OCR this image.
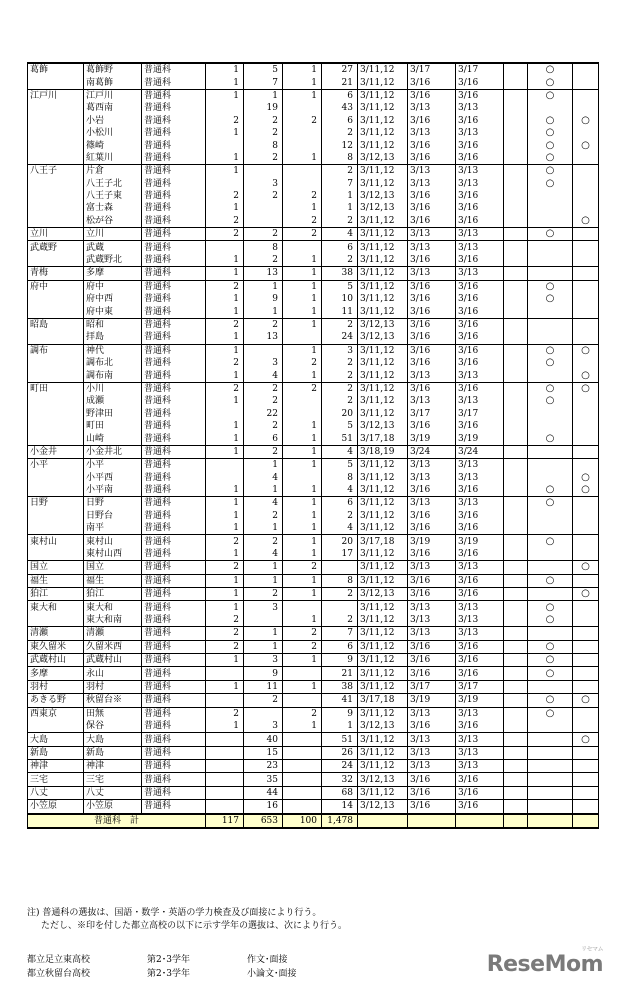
葛飾	葛飾野	普通科	1	5	1	27	3/11,12	3/17	3/17		○	
	南葛飾	普通科	1	7	1	21	3/11,12	3/16	3/16		○	
江戸川	江戸川	普通科	1	1	1	6	3/11,12	3/16	3/16		○	
	葛西南	普通科		19		43	3/11,12	3/13	3/13			
	小岩	普通科	2	2	2	6	3/11,12	3/16	3/16		○	○
	小松川	普通科	1	2		2	3/11,12	3/13	3/13		○	
	篠崎	普通科		8		12	3/11,12	3/16	3/16		○	○
	紅葉川	普通科	1	2	1	8	3/12,13	3/16	3/16		○	
八王子	片倉	普通科	1			2	3/11,12	3/13	3/13		○	
	八王子北	普通科		3		7	3/11,12	3/13	3/13		○	
	八王子東	普通科	2	2	2	1	3/12,13	3/16	3/16			
	富士森	普通科	1		1	1	3/12,13	3/16	3/16			
	松が谷	普通科	2		2	2	3/11,12	3/16	3/16			○
立川	立川	普通科	2	2	2	4	3/11,12	3/13	3/13		○	
武蔵野	武蔵	普通科		8		6	3/11,12	3/13	3/13			
	武蔵野北	普通科	1	2	1	2	3/11,12	3/16	3/16			
青梅	多摩	普通科	1	13	1	38	3/11,12	3/13	3/13			
府中	府中	普通科	2	1	1	5	3/11,12	3/16	3/16		○	
	府中西	普通科	1	9	1	10	3/11,12	3/16	3/16		○	
	府中東	普通科	1	1	1	11	3/11,12	3/16	3/16			
昭島	昭和	普通科	2	2	1	2	3/12,13	3/16	3/16			
	拝島	普通科	1	13		24	3/12,13	3/16	3/16			
調布	神代	普通科	1		1	3	3/11,12	3/16	3/16		○	○
	調布北	普通科	2	3	2	2	3/11,12	3/16	3/16		○	
	調布南	普通科	1	4	1	2	3/11,12	3/13	3/13			○
町田	小川	普通科	2	2	2	2	3/11,12	3/16	3/16		○	○
	成瀬	普通科	1	2		2	3/11,12	3/13	3/13		○	
	野津田	普通科		22		20	3/11,12	3/17	3/17			
	町田	普通科	1	2	1	5	3/12,13	3/16	3/16			
	山崎	普通科	1	6	1	51	3/17,18	3/19	3/19		○	
小金井	小金井北	普通科	1	2	1	4	3/18,19	3/24	3/24			
小平	小平	普通科		1	1	5	3/11,12	3/13	3/13			
	小平西	普通科		4		8	3/11,12	3/13	3/13			○
	小平南	普通科	1	1	1	4	3/11,12	3/16	3/16		○	○
日野	日野	普通科	1	4	1	6	3/11,12	3/13	3/13		○	
	日野台	普通科	1	2	1	2	3/11,12	3/16	3/16			
	南平	普通科	1	1	1	4	3/11,12	3/16	3/16			
東村山	東村山	普通科	2	2	1	20	3/17,18	3/19	3/19		○	
	東村山西	普通科	1	4	1	17	3/11,12	3/16	3/16			
国立	国立	普通科	2	1	2		3/11,12	3/13	3/13			○
福生	福生	普通科	1	1	1	8	3/11,12	3/16	3/16		○	
狛江	狛江	普通科	1	2	1	2	3/12,13	3/16	3/16			○
東大和	東大和	普通科	1	3			3/11,12	3/13	3/13		○	
	東大和南	普通科	2		1	2	3/11,12	3/13	3/13		○	
清瀬	清瀬	普通科	2	1	2	7	3/11,12	3/13	3/13			
東久留米	久留米西	普通科	2	1	2	6	3/11,12	3/16	3/16		○	
武蔵村山	武蔵村山	普通科	1	3	1	9	3/11,12	3/16	3/16		○	
多摩	永山	普通科		9		21	3/11,12	3/16	3/16		○	
羽村	羽村	普通科	1	11	1	38	3/11,12	3/17	3/17			
あきる野	秋留台※	普通科		2		41	3/17,18	3/19	3/19		○	○
西東京	田無	普通科	2		2	9	3/11,12	3/13	3/13		○	
	保谷	普通科	1	3	1	1	3/12,13	3/16	3/16			
大島	大島	普通科		40		51	3/11,12	3/13	3/13			○
新島	新島	普通科		15		26	3/11,12	3/13	3/13			
神津	神津	普通科		23		24	3/11,12	3/13	3/13			
三宅	三宅	普通科		35		32	3/12,13	3/16	3/16			
八丈	八丈	普通科		44		68	3/11,12	3/16	3/16			
小笠原	小笠原	普通科		16		14	3/12,13	3/16	3/16			
普通科　計			117	653	100	1,478						
注) 普通科の選抜は、国語・数学・英語の学力検査及び面接により行う。
ただし、※印を付した都立高校の以下に示す学年の選抜は、次により行う。
都立足立東高校	第2･3学年	作文･面接
都立秋留台高校	第2･3学年	小論文･面接
リセマム
ReseMom
